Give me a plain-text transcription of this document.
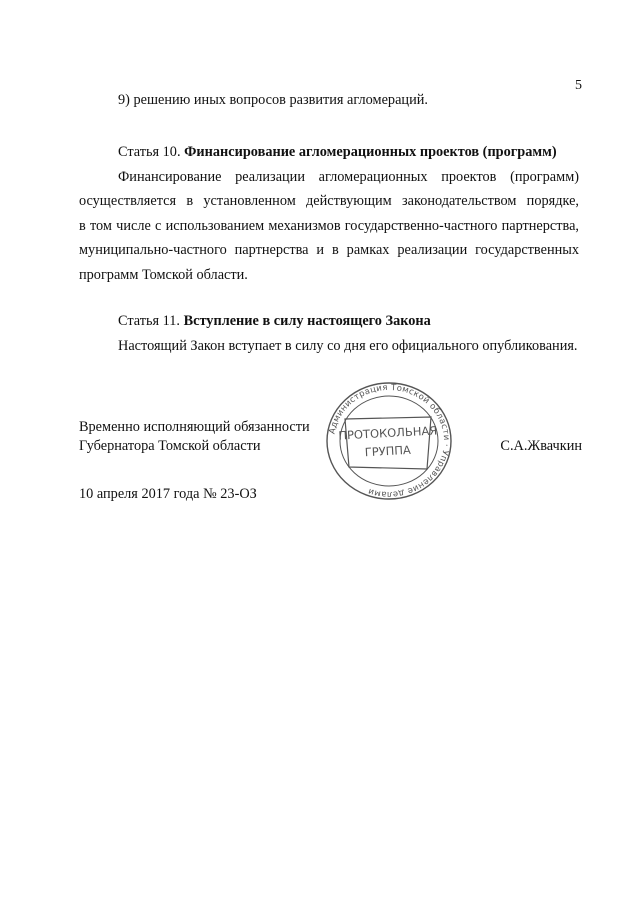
5

9) решению иных вопросов развития агломераций.

Статья 10. Финансирование агломерационных проектов (программ)

Финансирование реализации агломерационных проектов (программ)

осуществляется в установленном действующим законодательством порядке,

в том числе с использованием механизмов государственно-частного партнерства,

муниципально-частного партнерства и в рамках реализации государственных

программ Томской области.

Статья 11. Вступление в силу настоящего Закона

Настоящий Закон вступает в силу со дня его официального опубликования.

Временно исполняющий обязанности
Губернатора Томской области
Администрация Томской области · Управление делами
ПРОТОКОЛЬНАЯ
ГРУППА	С.А.Жвачкин
10 апреля 2017 года № 23-ОЗ
